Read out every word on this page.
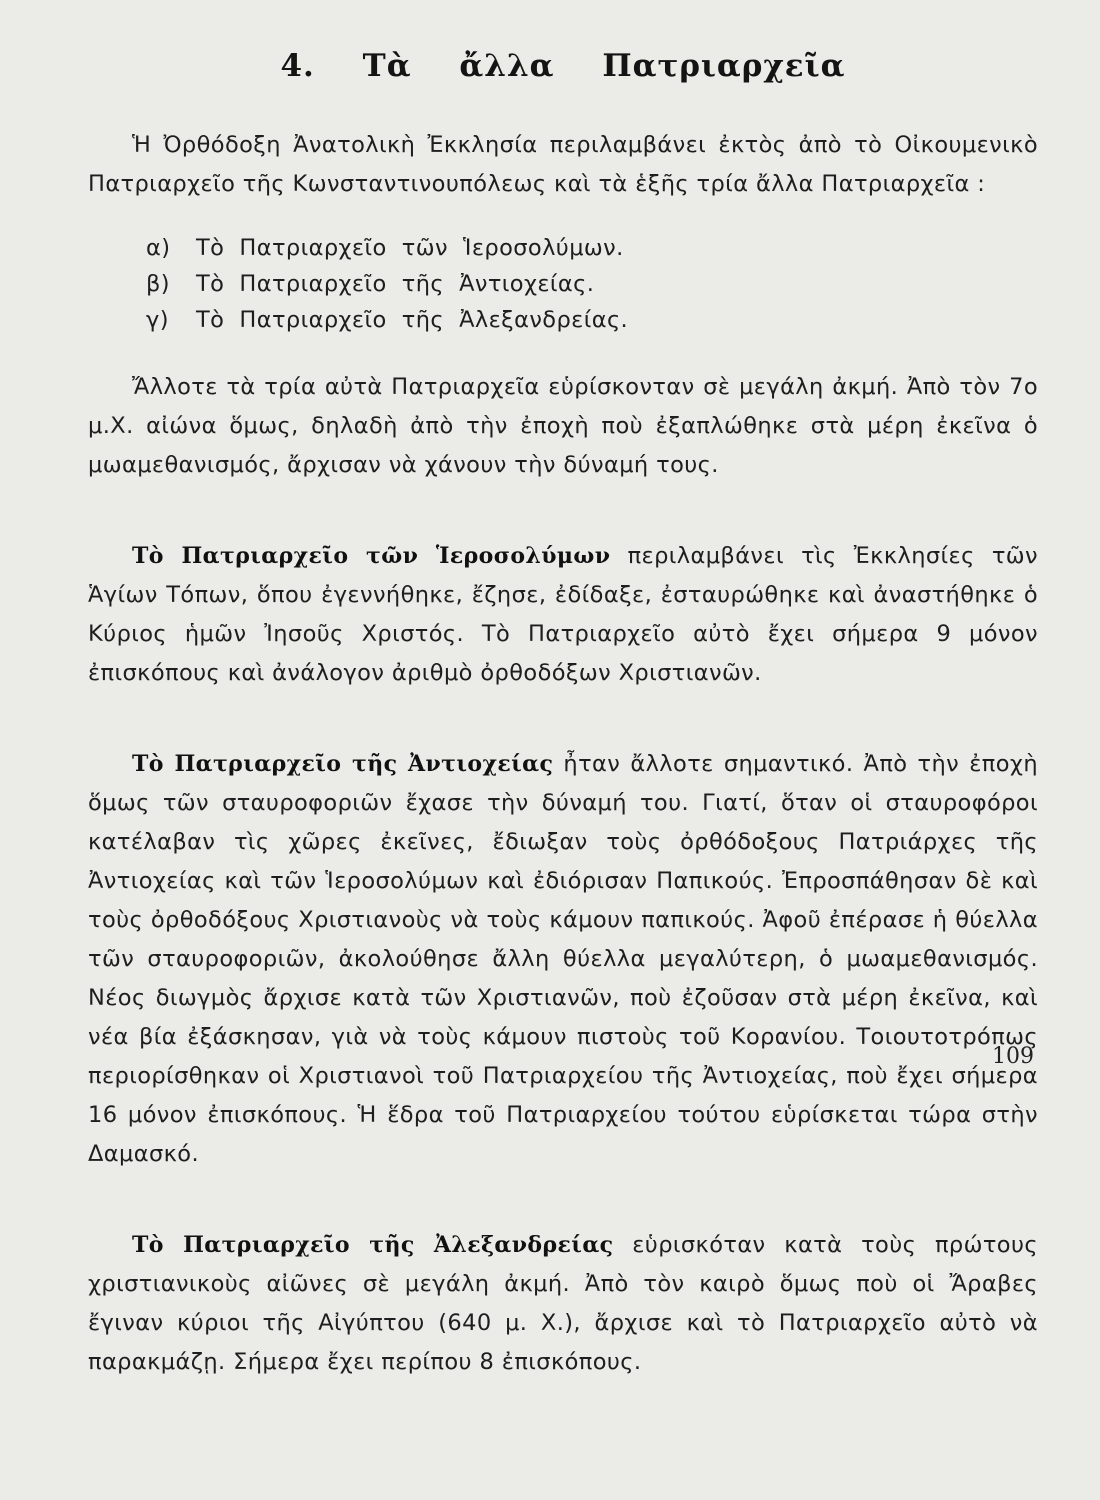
4. Τὰ ἄλλα Πατριαρχεῖα

Ἡ Ὀρθόδοξη Ἀνατολικὴ Ἐκκλησία περιλαμβάνει ἐκτὸς ἀπὸ τὸ Οἰκουμενικὸ Πατριαρχεῖο τῆς Κωνσταντινουπόλεως καὶ τὰ ἑξῆς τρία ἄλλα Πατριαρχεῖα :

α) Τὸ  Πατριαρχεῖο  τῶν  Ἱεροσολύμων.
β) Τὸ  Πατριαρχεῖο  τῆς  Ἀντιοχείας.
γ) Τὸ  Πατριαρχεῖο  τῆς  Ἀλεξανδρείας.

Ἄλλοτε τὰ τρία αὐτὰ Πατριαρχεῖα εὑρίσκονταν σὲ μεγάλη ἀκμή. Ἀπὸ τὸν 7ο μ.Χ. αἰώνα ὅμως, δηλαδὴ ἀπὸ τὴν ἐποχὴ ποὺ ἐξαπλώθηκε στὰ μέρη ἐκεῖνα ὁ μωαμεθανισμός, ἄρχισαν νὰ χάνουν τὴν δύναμή τους.

Τὸ Πατριαρχεῖο τῶν Ἱεροσολύμων περιλαμβάνει τὶς Ἐκκλησίες τῶν Ἁγίων Τόπων, ὅπου ἐγεννήθηκε, ἔζησε, ἐδίδαξε, ἐσταυρώθηκε καὶ ἀναστήθηκε ὁ Κύριος ἡμῶν Ἰησοῦς Χριστός. Τὸ Πατριαρχεῖο αὐτὸ ἔχει σήμερα 9 μόνον ἐπισκόπους καὶ ἀνάλογον ἀριθμὸ ὀρθοδόξων Χριστιανῶν.

Τὸ Πατριαρχεῖο τῆς Ἀντιοχείας ἦταν ἄλλοτε σημαντικό. Ἀπὸ τὴν ἐποχὴ ὅμως τῶν σταυροφοριῶν ἔχασε τὴν δύναμή του. Γιατί, ὅταν οἱ σταυροφόροι κατέλαβαν τὶς χῶρες ἐκεῖνες, ἔδιωξαν τοὺς ὀρθόδοξους Πατριάρχες τῆς Ἀντιοχείας καὶ τῶν Ἱεροσολύμων καὶ ἐδιόρισαν Παπικούς. Ἐπροσπάθησαν δὲ καὶ τοὺς ὀρθοδόξους Χριστιανοὺς νὰ τοὺς κάμουν παπικούς. Ἀφοῦ ἐπέρασε ἡ θύελλα τῶν σταυροφοριῶν, ἀκολούθησε ἄλλη θύελλα μεγαλύτερη, ὁ μωαμεθανισμός. Νέος διωγμὸς ἄρχισε κατὰ τῶν Χριστιανῶν, ποὺ ἐζοῦσαν στὰ μέρη ἐκεῖνα, καὶ νέα βία ἐξάσκησαν, γιὰ νὰ τοὺς κάμουν πιστοὺς τοῦ Κορανίου. Τοιουτοτρόπως περιορίσθηκαν οἱ Χριστιανοὶ τοῦ Πατριαρχείου τῆς Ἀντιοχείας, ποὺ ἔχει σήμερα 16 μόνον ἐπισκόπους. Ἡ ἕδρα τοῦ Πατριαρχείου τούτου εὑρίσκεται τώρα στὴν Δαμασκό.

Τὸ Πατριαρχεῖο τῆς Ἀλεξανδρείας εὑρισκόταν κατὰ τοὺς πρώτους χριστιανικοὺς αἰῶνες σὲ μεγάλη ἀκμή. Ἀπὸ τὸν καιρὸ ὅμως ποὺ οἱ Ἄραβες ἔγιναν κύριοι τῆς Αἰγύπτου (640 μ. Χ.), ἄρχισε καὶ τὸ Πατριαρχεῖο αὐτὸ νὰ παρακμάζῃ. Σήμερα ἔχει περίπου 8 ἐπισκόπους.

109
